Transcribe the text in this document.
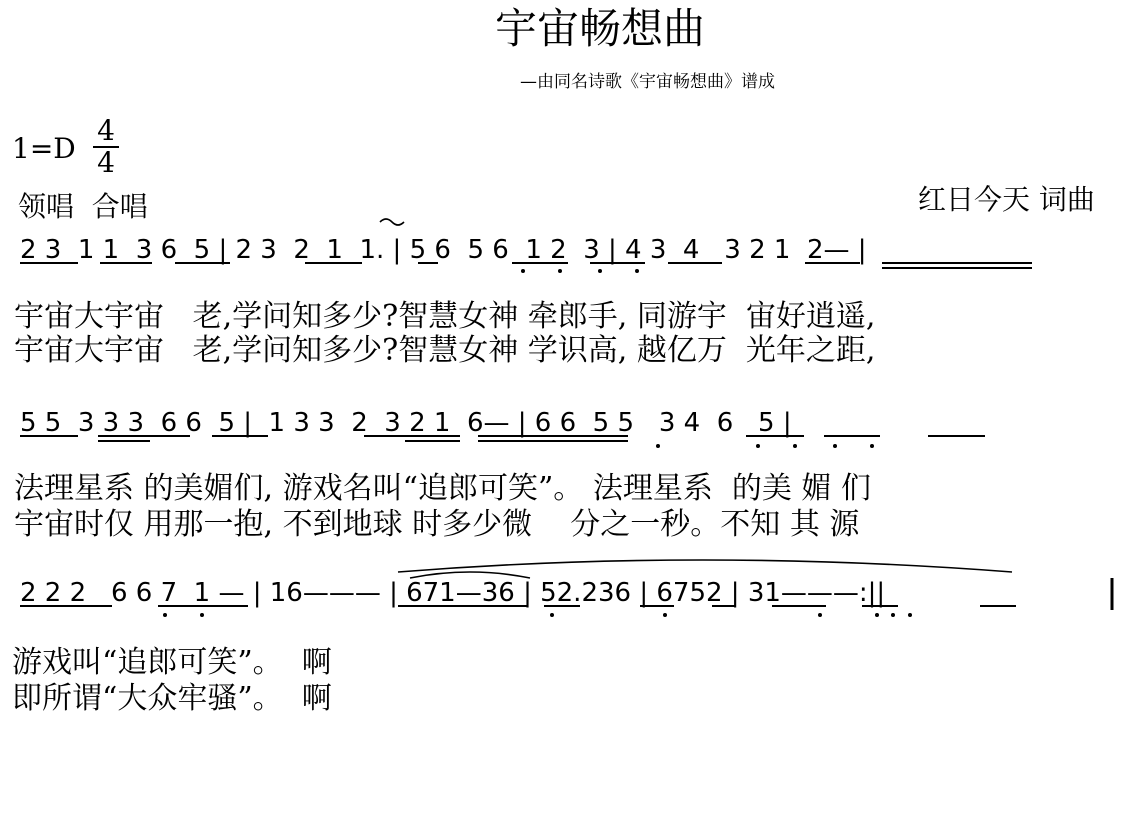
宇宙畅想曲
—由同名诗歌《宇宙畅想曲》谱成
$1=D \frac{4}{4}$
领唱  合唱	红日今天 词曲
2 3  1 1  3 6  5 | 2 3  2  1  1. | 5 6  5 6  1 2  3 | 4 3  4   3 2 1  2— |
宇宙大宇宙   老,学问知多少?智慧女神 牵郎手, 同游宇  宙好逍遥,
宇宙大宇宙   老,学问知多少?智慧女神 学识高, 越亿万  光年之距,
5 5  3 3 3  6 6  5 |  1 3 3  2  3 2 1  6— | 6 6  5 5   3 4  6   5 |
法理星系 的美媚们, 游戏名叫“追郎可笑”。 法理星系  的美 媚 们
宇宙时仅 用那一抱, 不到地球 时多少微    分之一秒。不知 其 源
2 2 2   6 6 7  1 — | 16——— | 671—36 | 52.236 | 6752 | 31———:||
游戏叫“追郎可笑”。  啊
即所谓“大众牢骚”。  啊
